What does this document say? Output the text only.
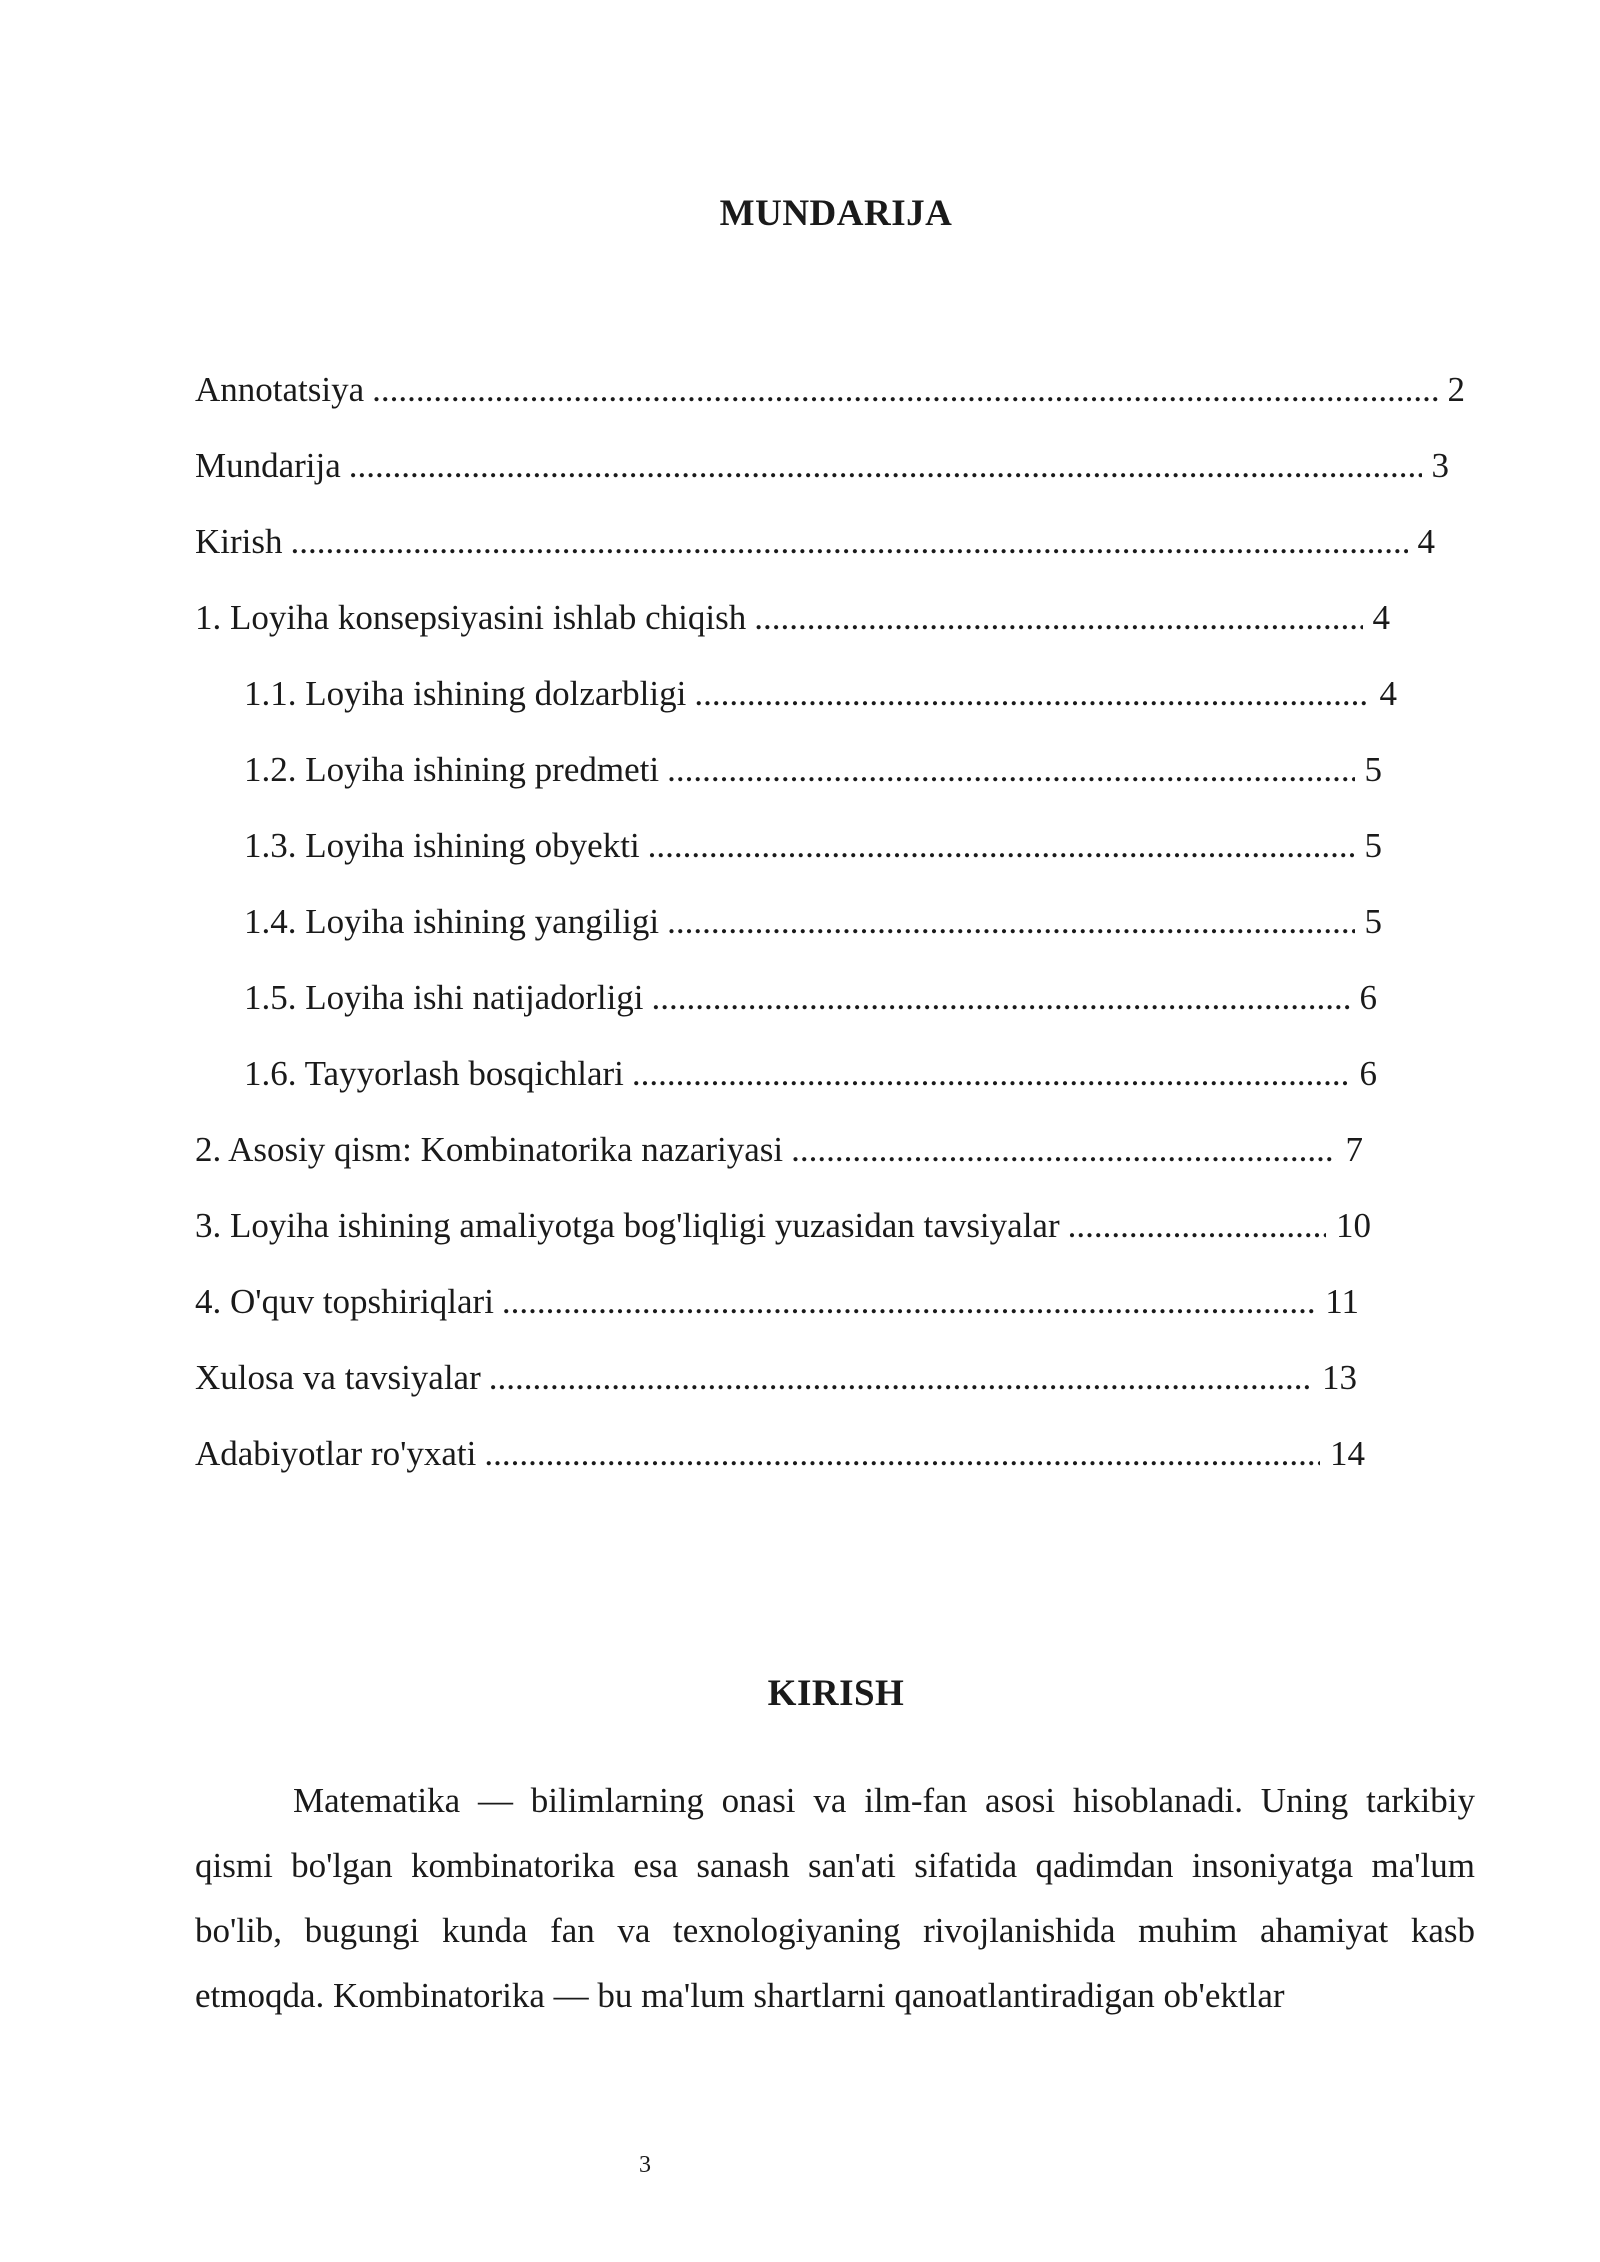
MUNDARIJA
Annotatsiya .....	2
Mundarija .....	3
Kirish .....	4
1. Loyiha konsepsiyasini ishlab chiqish .....	4
1.1. Loyiha ishining dolzarbligi .....	4
1.2. Loyiha ishining predmeti .....	5
1.3. Loyiha ishining obyekti .....	5
1.4. Loyiha ishining yangiligi .....	5
1.5. Loyiha ishi natijadorligi .....	6
1.6. Tayyorlash bosqichlari .....	6
2. Asosiy qism: Kombinatorika nazariyasi .....	7
3. Loyiha ishining amaliyotga bog'liqligi yuzasidan tavsiyalar .....	10
4. O'quv topshiriqlari .....	11
Xulosa va tavsiyalar .....	13
Adabiyotlar ro'yxati .....	14
KIRISH

Matematika — bilimlarning onasi va ilm-fan asosi hisoblanadi. Uning tarkibiy qismi bo'lgan kombinatorika esa sanash san'ati sifatida qadimdan insoniyatga ma'lum bo'lib, bugungi kunda fan va texnologiyaning rivojlanishida muhim ahamiyat kasb etmoqda. Kombinatorika — bu ma'lum shartlarni qanoatlantiradigan ob'ektlar

3
